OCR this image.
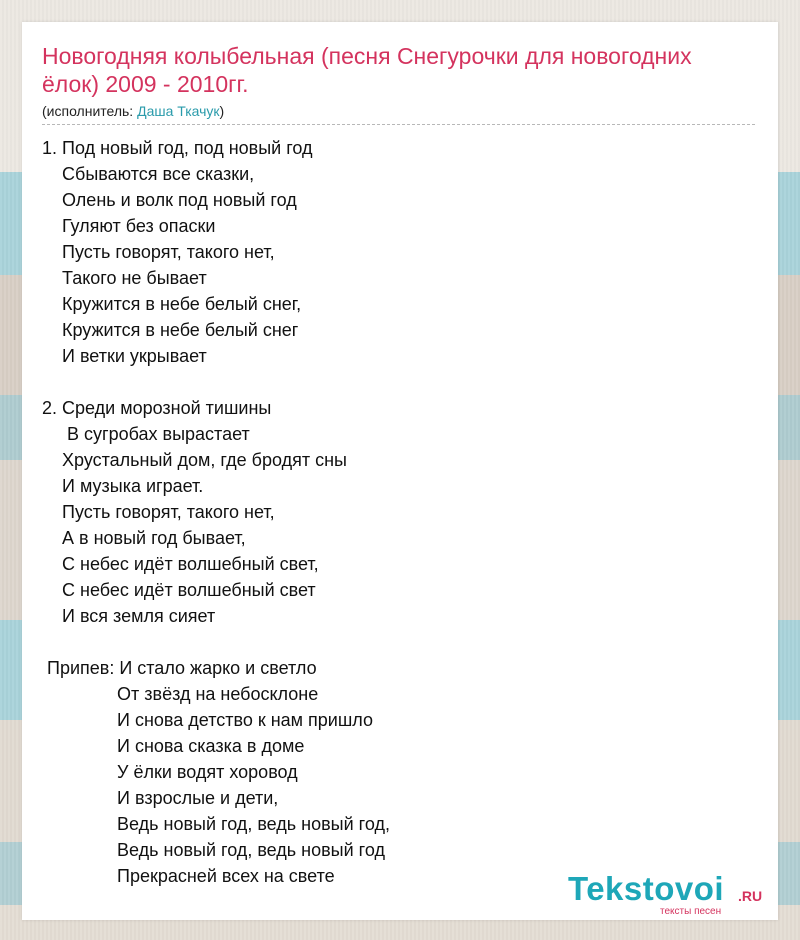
Новогодняя колыбельная (песня Снегурочки для новогодних ёлок) 2009 - 2010гг.
(исполнитель: Даша Ткачук)
1. Под новый год, под новый год
Сбываются все сказки,
Олень и волк под новый год
Гуляют без опаски
Пусть говорят, такого нет,
Такого не бывает
Кружится в небе белый снег,
Кружится в небе белый снег
И ветки укрывает

2. Среди морозной тишины
В сугробах вырастает
Хрустальный дом, где бродят сны
И музыка играет.
Пусть говорят, такого нет,
А в новый год бывает,
С небес идёт волшебный свет,
С небес идёт волшебный свет
И вся земля сияет

Припев: И стало жарко и светло
От звёзд на небосклоне
И снова детство к нам пришло
И снова сказка в доме
У ёлки водят хоровод
И взрослые и дети,
Ведь новый год, ведь новый год,
Ведь новый год, ведь новый год
Прекрасней всех на свете	Tekstovoi .RU
тексты песен
